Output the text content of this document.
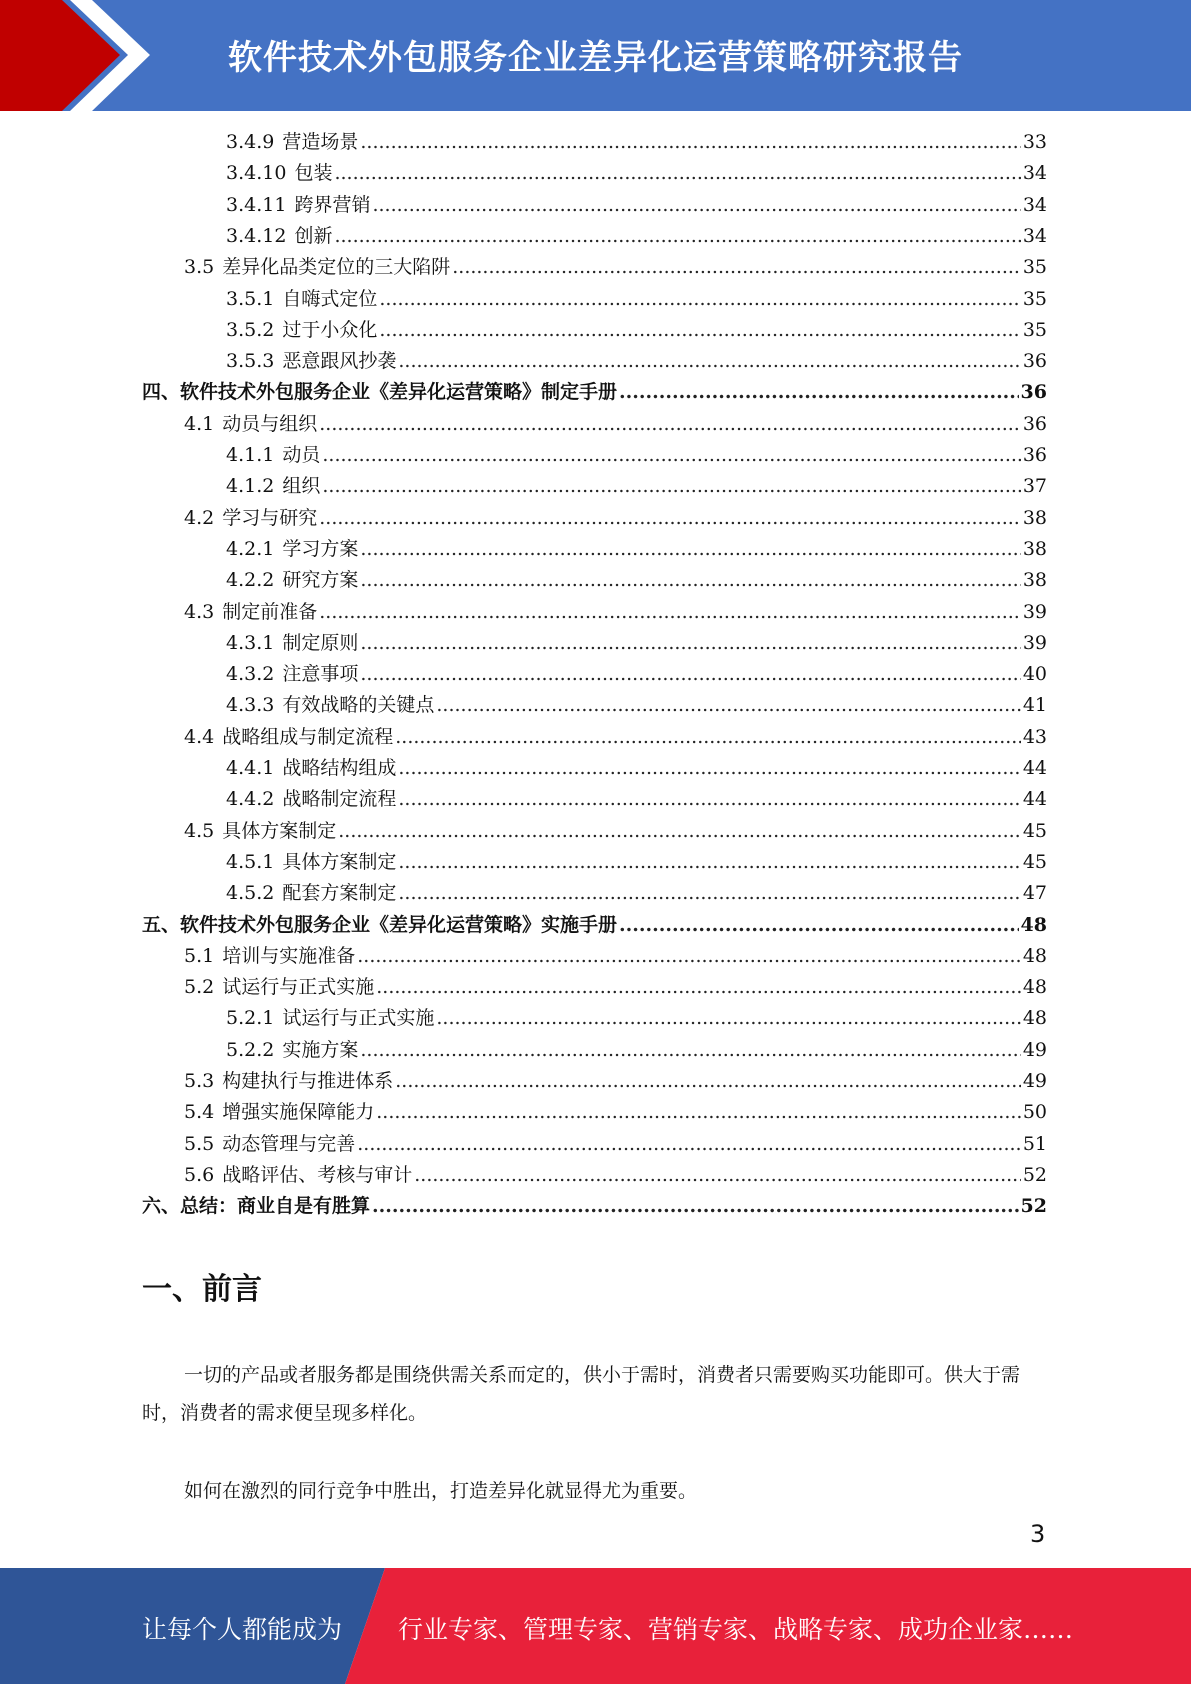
软件技术外包服务企业差异化运营策略研究报告
3.4.9 营造场景 .....	33
3.4.10 包装 .....	34
3.4.11 跨界营销 .....	34
3.4.12 创新 .....	34
3.5 差异化品类定位的三大陷阱 .....	35
3.5.1 自嗨式定位 .....	35
3.5.2 过于小众化 .....	35
3.5.3 恶意跟风抄袭 .....	36
四、 软件技术外包服务企业《差异化运营策略》制定手册 .....	36
4.1 动员与组织 .....	36
4.1.1 动员 .....	36
4.1.2 组织 .....	37
4.2 学习与研究 .....	38
4.2.1 学习方案 .....	38
4.2.2 研究方案 .....	38
4.3 制定前准备 .....	39
4.3.1 制定原则 .....	39
4.3.2 注意事项 .....	40
4.3.3 有效战略的关键点 .....	41
4.4 战略组成与制定流程 .....	43
4.4.1 战略结构组成 .....	44
4.4.2 战略制定流程 .....	44
4.5 具体方案制定 .....	45
4.5.1 具体方案制定 .....	45
4.5.2 配套方案制定 .....	47
五、 软件技术外包服务企业《差异化运营策略》实施手册 .....	48
5.1 培训与实施准备 .....	48
5.2 试运行与正式实施 .....	48
5.2.1 试运行与正式实施 .....	48
5.2.2 实施方案 .....	49
5.3 构建执行与推进体系 .....	49
5.4 增强实施保障能力 .....	50
5.5 动态管理与完善 .....	51
5.6 战略评估、考核与审计 .....	52
六、 总结：商业自是有胜算 .....	52
一、前言
一切的产品或者服务都是围绕供需关系而定的，供小于需时，消费者只需要购买功能即可。供大于需时，消费者的需求便呈现多样化。
如何在激烈的同行竞争中胜出，打造差异化就显得尤为重要。
3
让每个人都能成为 行业专家、管理专家、营销专家、战略专家、成功企业家……
